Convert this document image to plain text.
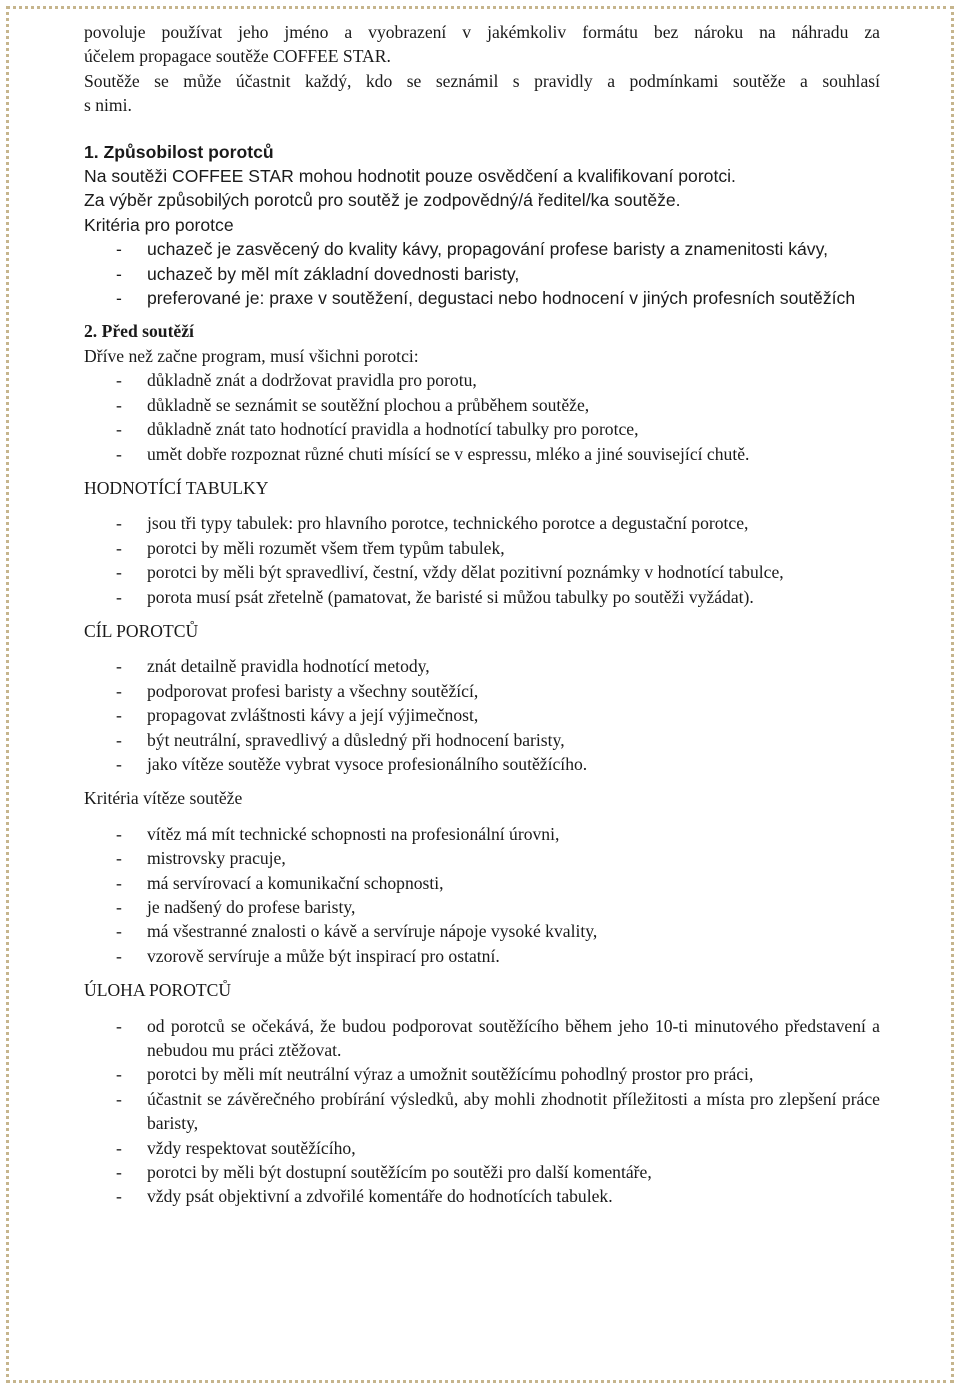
povoluje používat jeho jméno a vyobrazení v jakémkoliv formátu bez nároku na náhradu za

účelem propagace soutěže COFFEE STAR.

Soutěže se může účastnit každý, kdo se seznámil s pravidly a podmínkami soutěže a souhlasí

s nimi.

1. Způsobilost porotců

Na soutěži COFFEE STAR mohou hodnotit pouze osvědčení a kvalifikovaní porotci.

Za výběr způsobilých porotců pro soutěž je zodpovědný/á ředitel/ka soutěže.

Kritéria pro porotce

- uchazeč je zasvěcený do kvality kávy, propagování profese baristy a znamenitosti kávy,
- uchazeč by měl mít základní dovednosti baristy,
- preferované je: praxe v soutěžení, degustaci nebo hodnocení v jiných profesních soutěžích

2. Před soutěží

Dříve než začne program, musí všichni porotci:

- důkladně znát a dodržovat pravidla pro porotu,
- důkladně se seznámit se soutěžní plochou a průběhem soutěže,
- důkladně znát tato hodnotící pravidla a hodnotící tabulky pro porotce,
- umět dobře rozpoznat různé chuti mísící se v espressu, mléko a jiné související chutě.

HODNOTÍCÍ TABULKY

- jsou tři typy tabulek: pro hlavního porotce, technického porotce a degustační porotce,
- porotci by měli rozumět všem třem typům tabulek,
- porotci by měli být spravedliví, čestní, vždy dělat pozitivní poznámky v hodnotící tabulce,
- porota musí psát zřetelně (pamatovat, že baristé si můžou tabulky po soutěži vyžádat).

CÍL POROTCŮ

- znát detailně pravidla hodnotící metody,
- podporovat profesi baristy a všechny soutěžící,
- propagovat zvláštnosti kávy a její výjimečnost,
- být neutrální, spravedlivý a důsledný při hodnocení baristy,
- jako vítěze soutěže vybrat vysoce profesionálního soutěžícího.

Kritéria vítěze soutěže

- vítěz má mít technické schopnosti na profesionální úrovni,
- mistrovsky pracuje,
- má servírovací a komunikační schopnosti,
- je nadšený do profese baristy,
- má všestranné znalosti o kávě a servíruje nápoje vysoké kvality,
- vzorově servíruje a může být inspirací pro ostatní.

ÚLOHA POROTCŮ

- od porotců se očekává, že budou podporovat soutěžícího během jeho 10-ti minutového představení a nebudou mu práci ztěžovat.
- porotci by měli mít neutrální výraz a umožnit soutěžícímu pohodlný prostor pro práci,
- účastnit se závěrečného probírání výsledků, aby mohli zhodnotit příležitosti a místa pro zlepšení práce baristy,
- vždy respektovat soutěžícího,
- porotci by měli být dostupní soutěžícím po soutěži pro další komentáře,
- vždy psát objektivní a zdvořilé komentáře do hodnotících tabulek.
